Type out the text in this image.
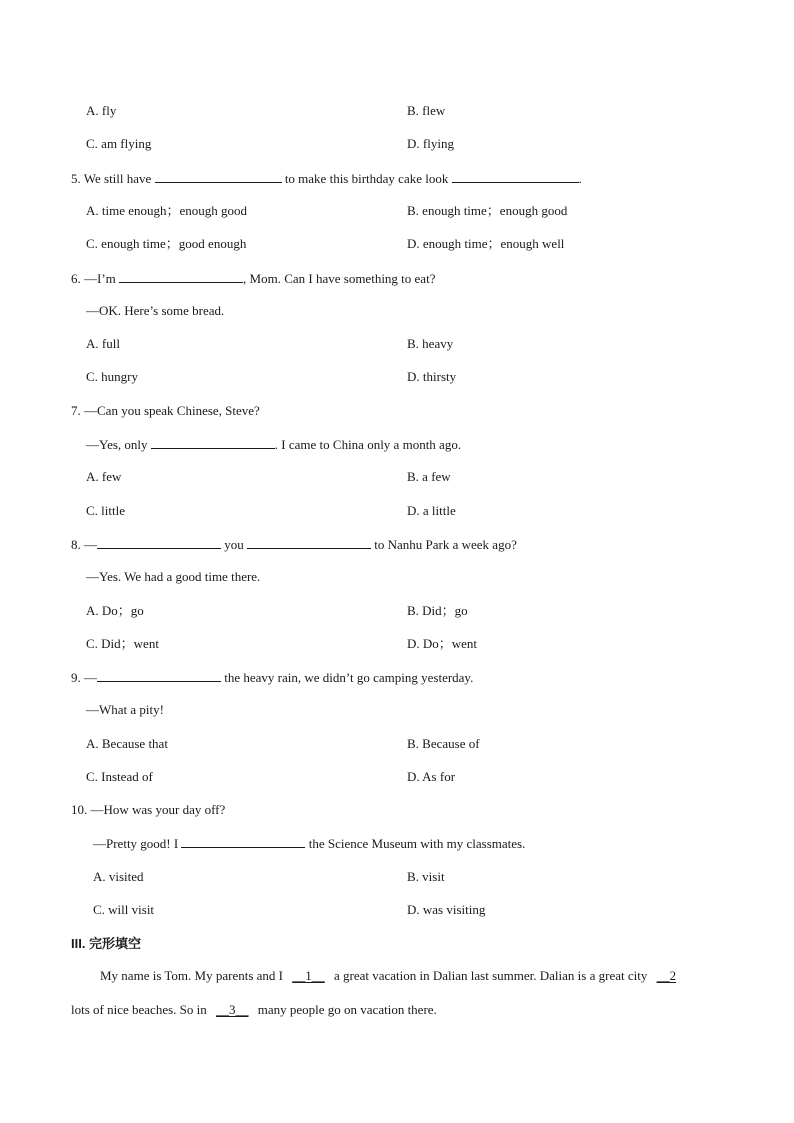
A. fly	B. flew
C. am flying	D. flying
5. We still have	to make this birthday cake look	.
A. time enough；enough good	B. enough time；enough good
C. enough time；good enough	D. enough time；enough well
6. —I’m	, Mom. Can I have something to eat?
—OK. Here’s some bread.
A. full	B. heavy
C. hungry	D. thirsty
7. —Can you speak Chinese, Steve?
—Yes, only	. I came to China only a month ago.
A. few	B. a few
C. little	D. a little
8. —	you	to Nanhu Park a week ago?
—Yes. We had a good time there.
A. Do；go	B. Did；go
C. Did；went	D. Do；went
9. —	the heavy rain, we didn’t go camping yesterday.
—What a pity!
A. Because that	B. Because of
C. Instead of	D. As for
10. —How was your day off?
—Pretty good! I	the Science Museum with my classmates.
A. visited	B. visit
C. will visit	D. was visiting
III. 完形填空
My name is Tom. My parents and I __1__ a great vacation in Dalian last summer. Dalian is a great city __2
lots of nice beaches. So in __3__ many people go on vacation there.
